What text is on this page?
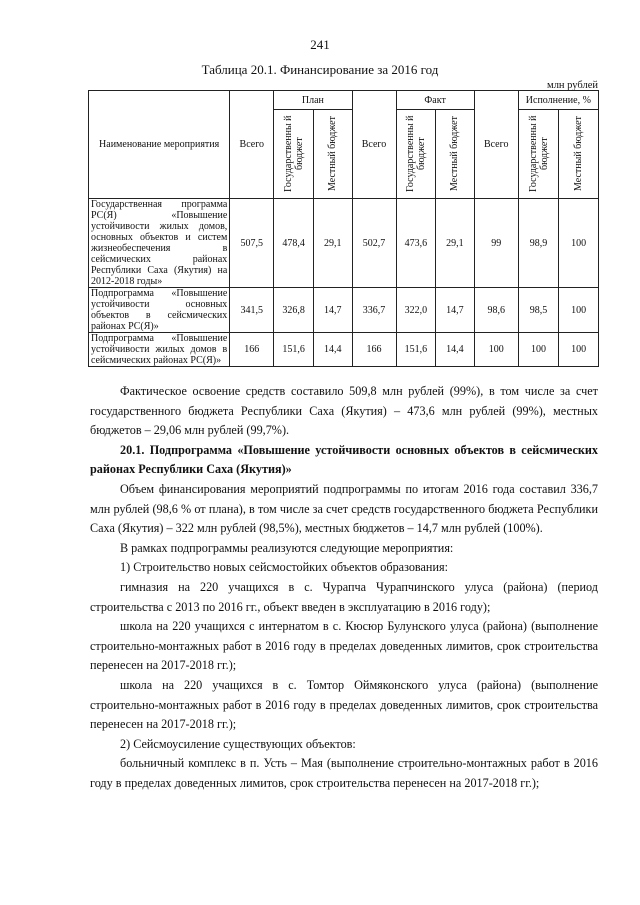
241
Таблица 20.1. Финансирование за 2016 год
млн рублей
Наименование мероприятия	Всего	План		Всего	Факт		Всего	Исполнение, %	

		Государственны й бюджет	Местный бюджет		Государственны й бюджет	Местный бюджет		Государственны й бюджет	Местный бюджет

Государственная программа РС(Я) «Повышение устойчивости жилых домов, основных объектов и систем жизнеобеспечения в сейсмических районах Республики Саха (Якутия) на 2012-2018 годы»	507,5	478,4	29,1	502,7	473,6	29,1	99	98,9	100
Подпрограмма «Повышение устойчивости основных объектов в сейсмических районах РС(Я)»	341,5	326,8	14,7	336,7	322,0	14,7	98,6	98,5	100
Подпрограмма «Повышение устойчивости жилых домов в сейсмических районах РС(Я)»	166	151,6	14,4	166	151,6	14,4	100	100	100

Фактическое освоение средств составило 509,8 млн рублей (99%), в том числе за счет государственного бюджета Республики Саха (Якутия) – 473,6 млн рублей (99%), местных бюджетов – 29,06 млн рублей (99,7%).

20.1. Подпрограмма «Повышение устойчивости основных объектов в сейсмических районах Республики Саха (Якутия)»

Объем финансирования мероприятий подпрограммы по итогам 2016 года составил 336,7 млн рублей (98,6 % от плана), в том числе за счет средств государственного бюджета Республики Саха (Якутия) – 322 млн рублей (98,5%), местных бюджетов – 14,7 млн рублей (100%).

В рамках подпрограммы реализуются следующие мероприятия:

1) Строительство новых сейсмостойких объектов образования:

гимназия на 220 учащихся в с. Чурапча Чурапчинского улуса (района) (период строительства с 2013 по 2016 гг., объект введен в эксплуатацию в 2016 году);

школа на 220 учащихся с интернатом в с. Кюсюр Булунского улуса (района) (выполнение строительно-монтажных работ в 2016 году в пределах доведенных лимитов, срок строительства перенесен на 2017-2018 гг.);

школа на 220 учащихся в с. Томтор Оймяконского улуса (района) (выполнение строительно-монтажных работ в 2016 году в пределах доведенных лимитов, срок строительства перенесен на 2017-2018 гг.);

2) Сейсмоусиление существующих объектов:

больничный комплекс в п. Усть – Мая (выполнение строительно-монтажных работ в 2016 году в пределах доведенных лимитов, срок строительства перенесен на 2017-2018 гг.);
